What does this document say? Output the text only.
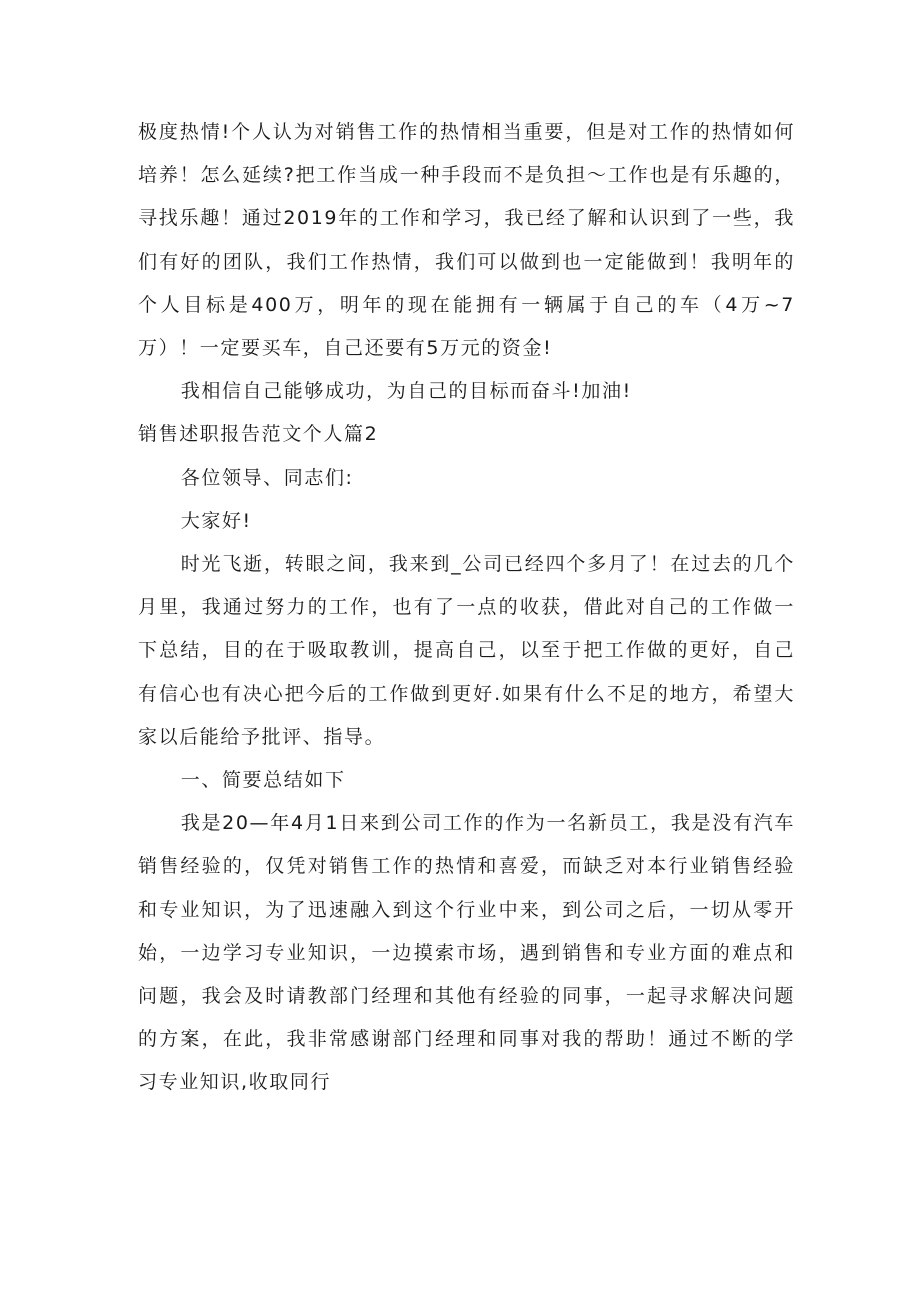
极度热情!个人认为对销售工作的热情相当重要，但是对工作的热情如何培养！怎么延续?把工作当成一种手段而不是负担～工作也是有乐趣的，寻找乐趣！通过2019年的工作和学习，我已经了解和认识到了一些，我们有好的团队，我们工作热情，我们可以做到也一定能做到！我明年的个人目标是400万，明年的现在能拥有一辆属于自己的车（4万~7万）！一定要买车，自己还要有5万元的资金!

我相信自己能够成功，为自己的目标而奋斗!加油!

销售述职报告范文个人篇2

各位领导、同志们:

大家好!

时光飞逝，转眼之间，我来到_公司已经四个多月了！在过去的几个月里，我通过努力的工作，也有了一点的收获，借此对自己的工作做一下总结，目的在于吸取教训，提高自己，以至于把工作做的更好，自己有信心也有决心把今后的工作做到更好.如果有什么不足的地方，希望大家以后能给予批评、指导。

一、简要总结如下

我是20—年4月1日来到公司工作的作为一名新员工，我是没有汽车销售经验的，仅凭对销售工作的热情和喜爱，而缺乏对本行业销售经验和专业知识，为了迅速融入到这个行业中来，到公司之后，一切从零开始，一边学习专业知识，一边摸索市场，遇到销售和专业方面的难点和问题，我会及时请教部门经理和其他有经验的同事，一起寻求解决问题的方案，在此，我非常感谢部门经理和同事对我的帮助！通过不断的学习专业知识,收取同行
